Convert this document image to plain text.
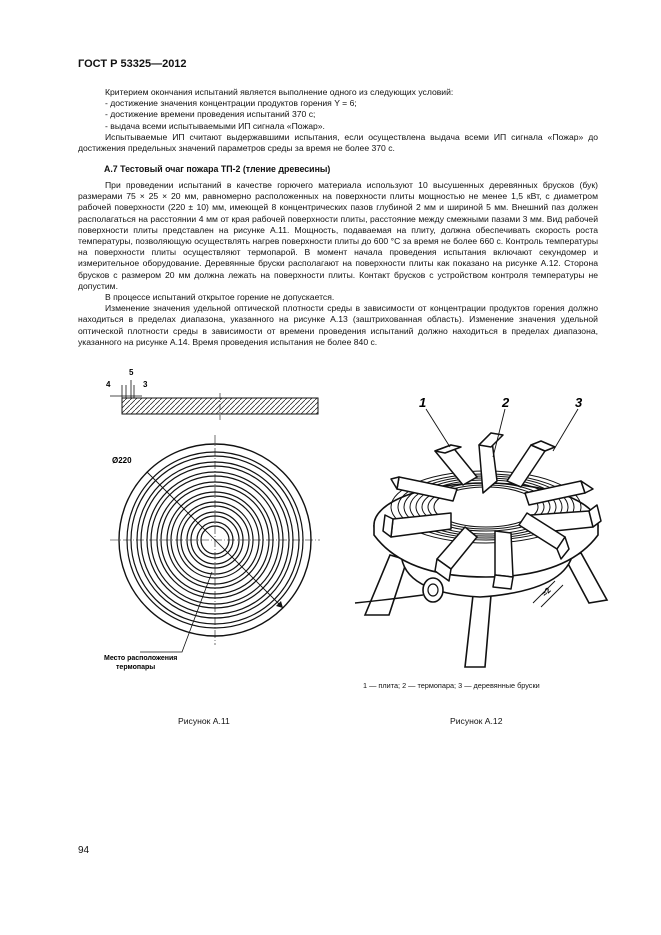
ГОСТ Р 53325—2012

Критерием окончания испытаний является выполнение одного из следующих условий:

- достижение значения концентрации продуктов горения Y = 6;

- достижение времени проведения испытаний 370 с;

- выдача всеми испытываемыми ИП сигнала «Пожар».

Испытываемые ИП считают выдержавшими испытания, если осуществлена выдача всеми ИП сигнала «Пожар» до достижения предельных значений параметров среды за время не более 370 с.

А.7 Тестовый очаг пожара ТП-2 (тление древесины)

При проведении испытаний в качестве горючего материала используют 10 высушенных деревянных брусков (бук) размерами 75 × 25 × 20 мм, равномерно расположенных на поверхности плиты мощностью не менее 1,5 кВт, с диаметром рабочей поверхности (220 ± 10) мм, имеющей 8 концентрических пазов глубиной 2 мм и шириной 5 мм. Внешний паз должен располагаться на расстоянии 4 мм от края рабочей поверхности плиты, расстояние между смежными пазами 3 мм. Вид рабочей поверхности плиты представлен на рисунке А.11. Мощность, подаваемая на плиту, должна обеспечивать скорость роста температуры, позволяющую осуществлять нагрев поверхности плиты до 600 °С за время не более 660 с. Контроль температуры на поверхности плиты осуществляют термопарой. В момент начала проведения испытания включают секундомер и измерительное оборудование. Деревянные бруски располагают на поверхности плиты как показано на рисунке А.12. Сторона брусков с размером 20 мм должна лежать на поверхности плиты. Контакт брусков с устройством контроля температуры не допустим.

В процессе испытаний открытое горение не допускается.

Изменение значения удельной оптической плотности среды в зависимости от концентрации продуктов горения должно находиться в пределах диапазона, указанного на рисунке А.13 (заштрихованная область). Изменение значения удельной оптической плотности среды в зависимости от времени проведения испытаний должно находиться в пределах диапазона, указанного на рисунке А.14. Время проведения испытания не более 840 с.

4
5
3
Ø220
Место расположения
термопары
1	2	3
≈2
1 — плита; 2 — термопара; 3 — деревянные бруски
Рисунок А.11	Рисунок А.12
94
